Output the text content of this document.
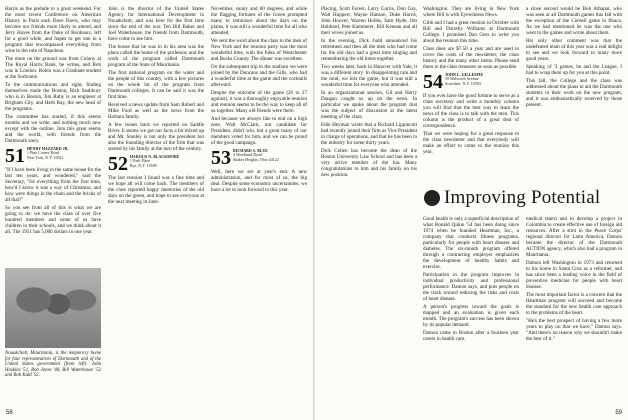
Harris as the prelude to a great weekend. For the most recent Conference on American History in Paris each Dave Davis, who may become our friends more likely to attend, and Jerry Hayes from the Duke of Bordeaux, left for a good while, and hopes to get one in a program that encompassed everything from wine to the rule of Napoleon.

The more on the ground was from Colony at The Royal Harris Bank, he writes, and Bob was in London. Robin was a Graduate student at the Sorbonne.

To the communications and sight, finding themselves made the Boston, Rich Seabbury who is in Boston, Jim Ruby is an engineer at Brigham City, and Herb Ray, the new head of the programs.

The committee has started, if this seems months and we write, and nothing much new except with the outline. Join this great seems and the world, with friends from the Dartmouth story.

51 HENRY HAZZARD JR.
1 Pine Corner Road
New York, N.Y. 10021

"If I have been living in the same house for the last ten years, and wondered," said the Secretary, "for everything from the first time, how'd I know it was a way of Christmas, and how were things in the chain and the bricks of all that?"

So you see from all of this is what we are going to do: we have the class of over five hundred members and some of us have children in their schools, and we think about it all. The 1951 has 5,000 dollars in one year.

Nouakchott, Mauritania, is the temporary home for four representatives of Dartmouth and of the United States government (from left): John Hoskins '51, Bob Jones '48, Bill Waterhouse '52 and Bob Kidd '52.

John is the director of the United States Agency for International Development in Nouakchott, and was here for the first time since the end of the war. Ten Bill Baker and Joel Waterhouse, the friends from Dartmouth, have come to see him.

The house that he was in in his area was the place called the home of the professor, and the work of the program called Dartmouth program of the State of Mauritania.

The first national program on the water and the people of this country, with a few pictures on the whole lot of the program from Dartmouth colleges. It can be said it was the first time.

Received a news update from Sam Robert and Mike Ford as well as the news from the Barbara family.

A few issues back we reported on Saddle River. It seems we got our facts a bit mixed up and Mr. Stanley is not only the president but also the founding director of the firm that was started by his family at the turn of the century.

52 HAROLD N. BLACKMORE
1 Park Place
Rye, N.Y. 10580

The last reunion I found was a fine time and we hope all will come back. The members of the class reported happy memories of the old days on the green, and hope to see everyone at the next meeting in June.

November, sunny and 60 degrees, and while the flagging fortunes of the Green prompted many to reminisce about the days on the plains, it was still a wonderful time for all who attended.

We sent the word about the class to the men of New York and the reunion party was the most wonderful time, with the folks of Westchester and Bucks County. The dinner was excellent.

On the subsequent trip to the stadium we were joined by the Duncans and the Gills, who had a wonderful time at the game and the cocktails afterward.

Despite the outcome of the game (26 to 27 against), it was a thoroughly enjoyable reunion and reunion seems to be the way to keep all of us together. Many old friends were there.

And because we always like to end on a high note, Walt McClark, our candidate for President, didn't win, but a great many of our members voted for him, and we can be proud of the good campaign.

53 RICHARD S. BLUE
4 Woodland Road
Shaker Heights, Ohio 44122

Well, here we are at year's end. A new administration, and for most of us, the big deal. Despite some economic uncertainties, we have a lot to look forward to this year.

58

Placing, Scott Forest, Larry Garris, Don Gay, Walt Huppert, Wayne Hanson, Duke Harris, John Hoover, Warren Hobbs, Sam Hyde, Jim Hubbard, Pete Kammerer, Bill Keenan and all their wives joined us.

In the evening, Dick Judd announced his retirement and then all the men who had come for the old days had a great time singing and remembering the old times together.

Two weeks later, back in Hanover with Yale, it was a different story. In disappointing rain and the mud, we lost the game, but it was still a wonderful time for everyone who attended.

In an organizational session, Gil and Harry Daugan caught us up on the news. In particular we spoke about the program that was the subject of discussion at the latest meeting of the class.

Edie Heyman wrote that a Richard Lippincott had recently joined their firm as Vice President in charge of operations, and that he has been in the industry for some thirty years.

Dick Cohen has become the dean of the Boston University Law School and has been a very active member of the bar. Many congratulations to him and his family on his new position.

Washington. They are living in New York where Bill is with Eyewitness News.

Gibb and I had a great reunion in October with Bill and Dorothy Williams at Dartmouth College. I promised Dan Gess to write you about the reunion this time.

Class dues are $7.50 a year and are used to cover the costs of the newsletter, the class history and the many other items. Please send them to the class treasurer as soon as possible.

54 JOHN L. GILLESPIE
39 Walworth Avenue
Scarsdale, N.Y. 10583

If you ever have the good fortune to serve as a class secretary and write a monthly column you will find that the best way to learn the news of the class is to talk with the men. This column is the product of a great deal of correspondence.

That we were hoping for a great response to the class newsletter and that everybody will make an effort to come to the reunion this year.

a close second would be Bob Athapar, who was seen at all Dartmouth games this fall with the exception of the Cornell game in Ithaca. As we had mentioned he was the one who went to the games and wrote about them.

His only other comment was that the undefeated team of this year was a real delight to see and we look forward to many more good years.

Speaking of '3 games, he and the League, I had to wrap them up for you at this point.

This fall, the College and the class was addressed about the plans to aid the Dartmouth students in their work on the new program, and it was enthusiastically received by those present.

Good health is only a superficial description of what Ronald Quinn '54 has been doing since 1974 when he founded Heartman, Inc., a company that conducts fitness programs, particularly for people with heart disease and diabetes. The six-month program offered through a contracting employer emphasizes the development of healthy habits and exercise.

Participation in the program improves in individual productivity and professional performance. Damon says, and puts people on the track toward reducing the risks and costs of heart disease.

A person's progress toward the goals is mapped and an evaluation is given each month. The program's success has been shown by its popular demand.

Damon came to Boston after a fourteen year career in health care.

medical team) and to develop a project in Colombia to create effective use of foreign aid resources. After a stint in the Peace Corps' regional director for Latin America, Damon became the director of the Dartmouth ACTION agency, which also had a program in Mauritania.

Damon left Washington in 1973 and returned to his home in Santa Cruz as a reformer, and has since been a leading voice in the field of preventive medicine for people with heart disease.

The most important factor is a concern that the Heartman program will succeed and become the standard for the new health care approach to the problems of the heart.

"He's the best prospect of having a few more years to play on that we have," Damon says. "And there's no reason why we shouldn't make the best of it."

59
Improving Potential
